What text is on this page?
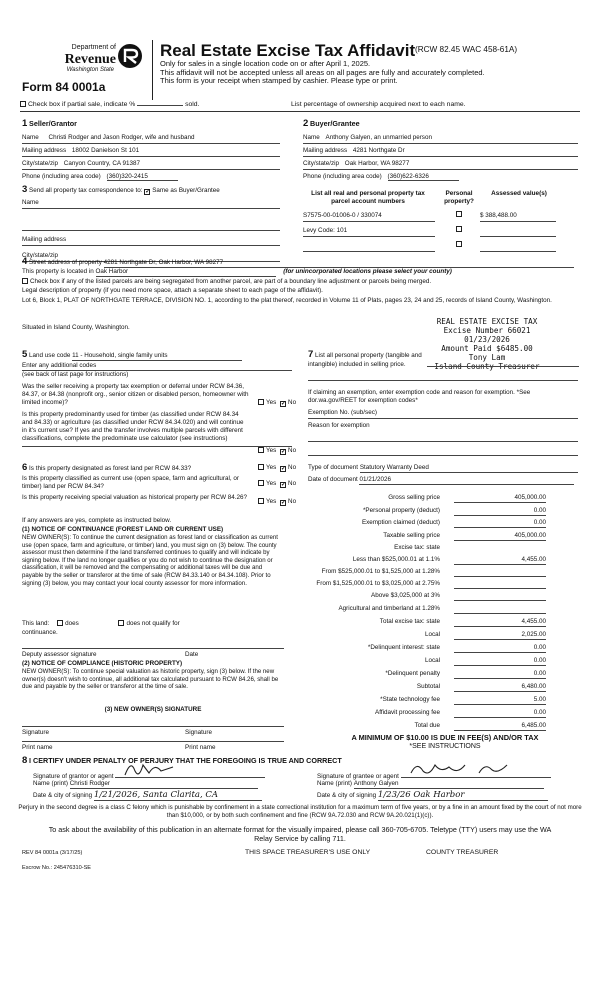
Department of
Revenue
Washington State
Form 84 0001a
Real Estate Excise Tax Affidavit (RCW 82.45 WAC 458-61A)
Only for sales in a single location code on or after April 1, 2025.
This affidavit will not be accepted unless all areas on all pages are fully and accurately completed.
This form is your receipt when stamped by cashier. Please type or print.
Check box if partial sale, indicate %	sold.	List percentage of ownership acquired next to each name.
1 Seller/Grantor
Name Christi Rodger and Jason Rodger, wife and husband
Mailing address 18002 Danielson St 101
City/state/zip Canyon Country, CA 91387
Phone (including area code) (360)320-2415
2 Buyer/Grantee
Name Anthony Galyen, an unmarried person
Mailing address 4281 Northgate Dr
City/state/zip Oak Harbor, WA 98277
Phone (including area code) (360)622-6326
3 Send all property tax correspondence to: ✓ Same as Buyer/Grantee
Name
Mailing address
City/state/zip
List all real and personal property tax parcel account numbers
Personal property?
Assessed value(s)
S7575-00-01006-0 / 330074	$ 388,488.00
Levy Code: 101
4 Street address of property 4281 Northgate Dr, Oak Harbor, WA 98277
This property is located in Oak Harbor	(for unincorporated locations please select your county)
Check box if any of the listed parcels are being segregated from another parcel, are part of a boundary line adjustment or parcels being merged.
Legal description of property (if you need more space, attach a separate sheet to each page of the affidavit).
Lot 6, Block 1, PLAT OF NORTHGATE TERRACE, DIVISION NO. 1, according to the plat thereof, recorded in Volume 11 of Plats, pages 23, 24 and 25, records of Island County, Washington.
Situated in Island County, Washington.
REAL ESTATE EXCISE TAX
Excise Number 66021
01/23/2026
Amount Paid $6485.00
Tony Lam
Island County Treasurer
5 Land use code 11 - Household, single family units
Enter any additional codes
(see back of last page for instructions)
Was the seller receiving a property tax exemption or deferral under RCW 84.36, 84.37, or 84.38 (nonprofit org., senior citizen or disabled person, homeowner with limited income)?	Yes ✓ No
Is this property predominantly used for timber (as classified under RCW 84.34 and 84.33) or agriculture (as classified under RCW 84.34.020) and will continue in it's current use? If yes and the transfer involves multiple parcels with different classifications, complete the predominate use calculator (see instructions)
Yes ✓ No
7 List all personal property (tangible and intangible) included in selling price.
If claiming an exemption, enter exemption code and reason for exemption. *See dor.wa.gov/REET for exemption codes*
Exemption No. (sub/sec)
Reason for exemption
6 Is this property designated as forest land per RCW 84.33?	Yes ✓ No
Is this property classified as current use (open space, farm and agricultural, or timber) land per RCW 84.34?	Yes ✓ No
Is this property receiving special valuation as historical property per RCW 84.26?
Yes ✓ No
If any answers are yes, complete as instructed below.
(1) NOTICE OF CONTINUANCE (FOREST LAND OR CURRENT USE)
NEW OWNER(S): To continue the current designation as forest land or classification as current use (open space, farm and agriculture, or timber) land, you must sign on (3) below. The county assessor must then determine if the land transferred continues to qualify and will indicate by signing below. If the land no longer qualifies or you do not wish to continue the designation or classification, it will be removed and the compensating or additional taxes will be due and payable by the seller or transferor at the time of sale (RCW 84.33.140 or 84.34.108). Prior to signing (3) below, you may contact your local county assessor for more information.
This land:	does	does not qualify for
continuance.
Deputy assessor signature	Date
(2) NOTICE OF COMPLIANCE (HISTORIC PROPERTY)
NEW OWNER(S): To continue special valuation as historic property, sign (3) below. If the new owner(s) doesn't wish to continue, all additional tax calculated pursuant to RCW 84.26, shall be due and payable by the seller or transferor at the time of sale.
(3) NEW OWNER(S) SIGNATURE
Signature	Signature
Print name	Print name
Type of document Statutory Warranty Deed
Date of document 01/21/2026
Gross selling price	405,000.00
*Personal property (deduct)	0.00
Exemption claimed (deduct)	0.00
Taxable selling price	405,000.00
Excise tax: state
Less than $525,000.01 at 1.1%	4,455.00
From $525,000.01 to $1,525,000 at 1.28%
From $1,525,000.01 to $3,025,000 at 2.75%
Above $3,025,000 at 3%
Agricultural and timberland at 1.28%
Total excise tax: state	4,455.00
Local	2,025.00
*Delinquent interest: state	0.00
Local	0.00
*Delinquent penalty	0.00
Subtotal	6,480.00
*State technology fee	5.00
Affidavit processing fee	0.00
Total due	6,485.00
A MINIMUM OF $10.00 IS DUE IN FEE(S) AND/OR TAX
*SEE INSTRUCTIONS
8 I CERTIFY UNDER PENALTY OF PERJURY THAT THE FOREGOING IS TRUE AND CORRECT
Signature of grantor or agent
Name (print) Christi Rodger
Date & city of signing 1/21/2026, Santa Clarita, CA
Signature of grantee or agent
Name (print) Anthony Galyen
Date & city of signing 1/23/26 Oak Harbor
Perjury in the second degree is a class C felony which is punishable by confinement in a state correctional institution for a maximum term of five years, or by a fine in an amount fixed by the court of not more than $10,000, or by both such confinement and fine (RCW 9A.72.030 and RCW 9A.20.021(1)(c)).
To ask about the availability of this publication in an alternate format for the visually impaired, please call 360-705-6705. Teletype (TTY) users may use the WA Relay Service by calling 711.
REV 84 0001a (3/17/25)	THIS SPACE TREASURER'S USE ONLY	COUNTY TREASURER
Escrow No.: 245476310-SE
